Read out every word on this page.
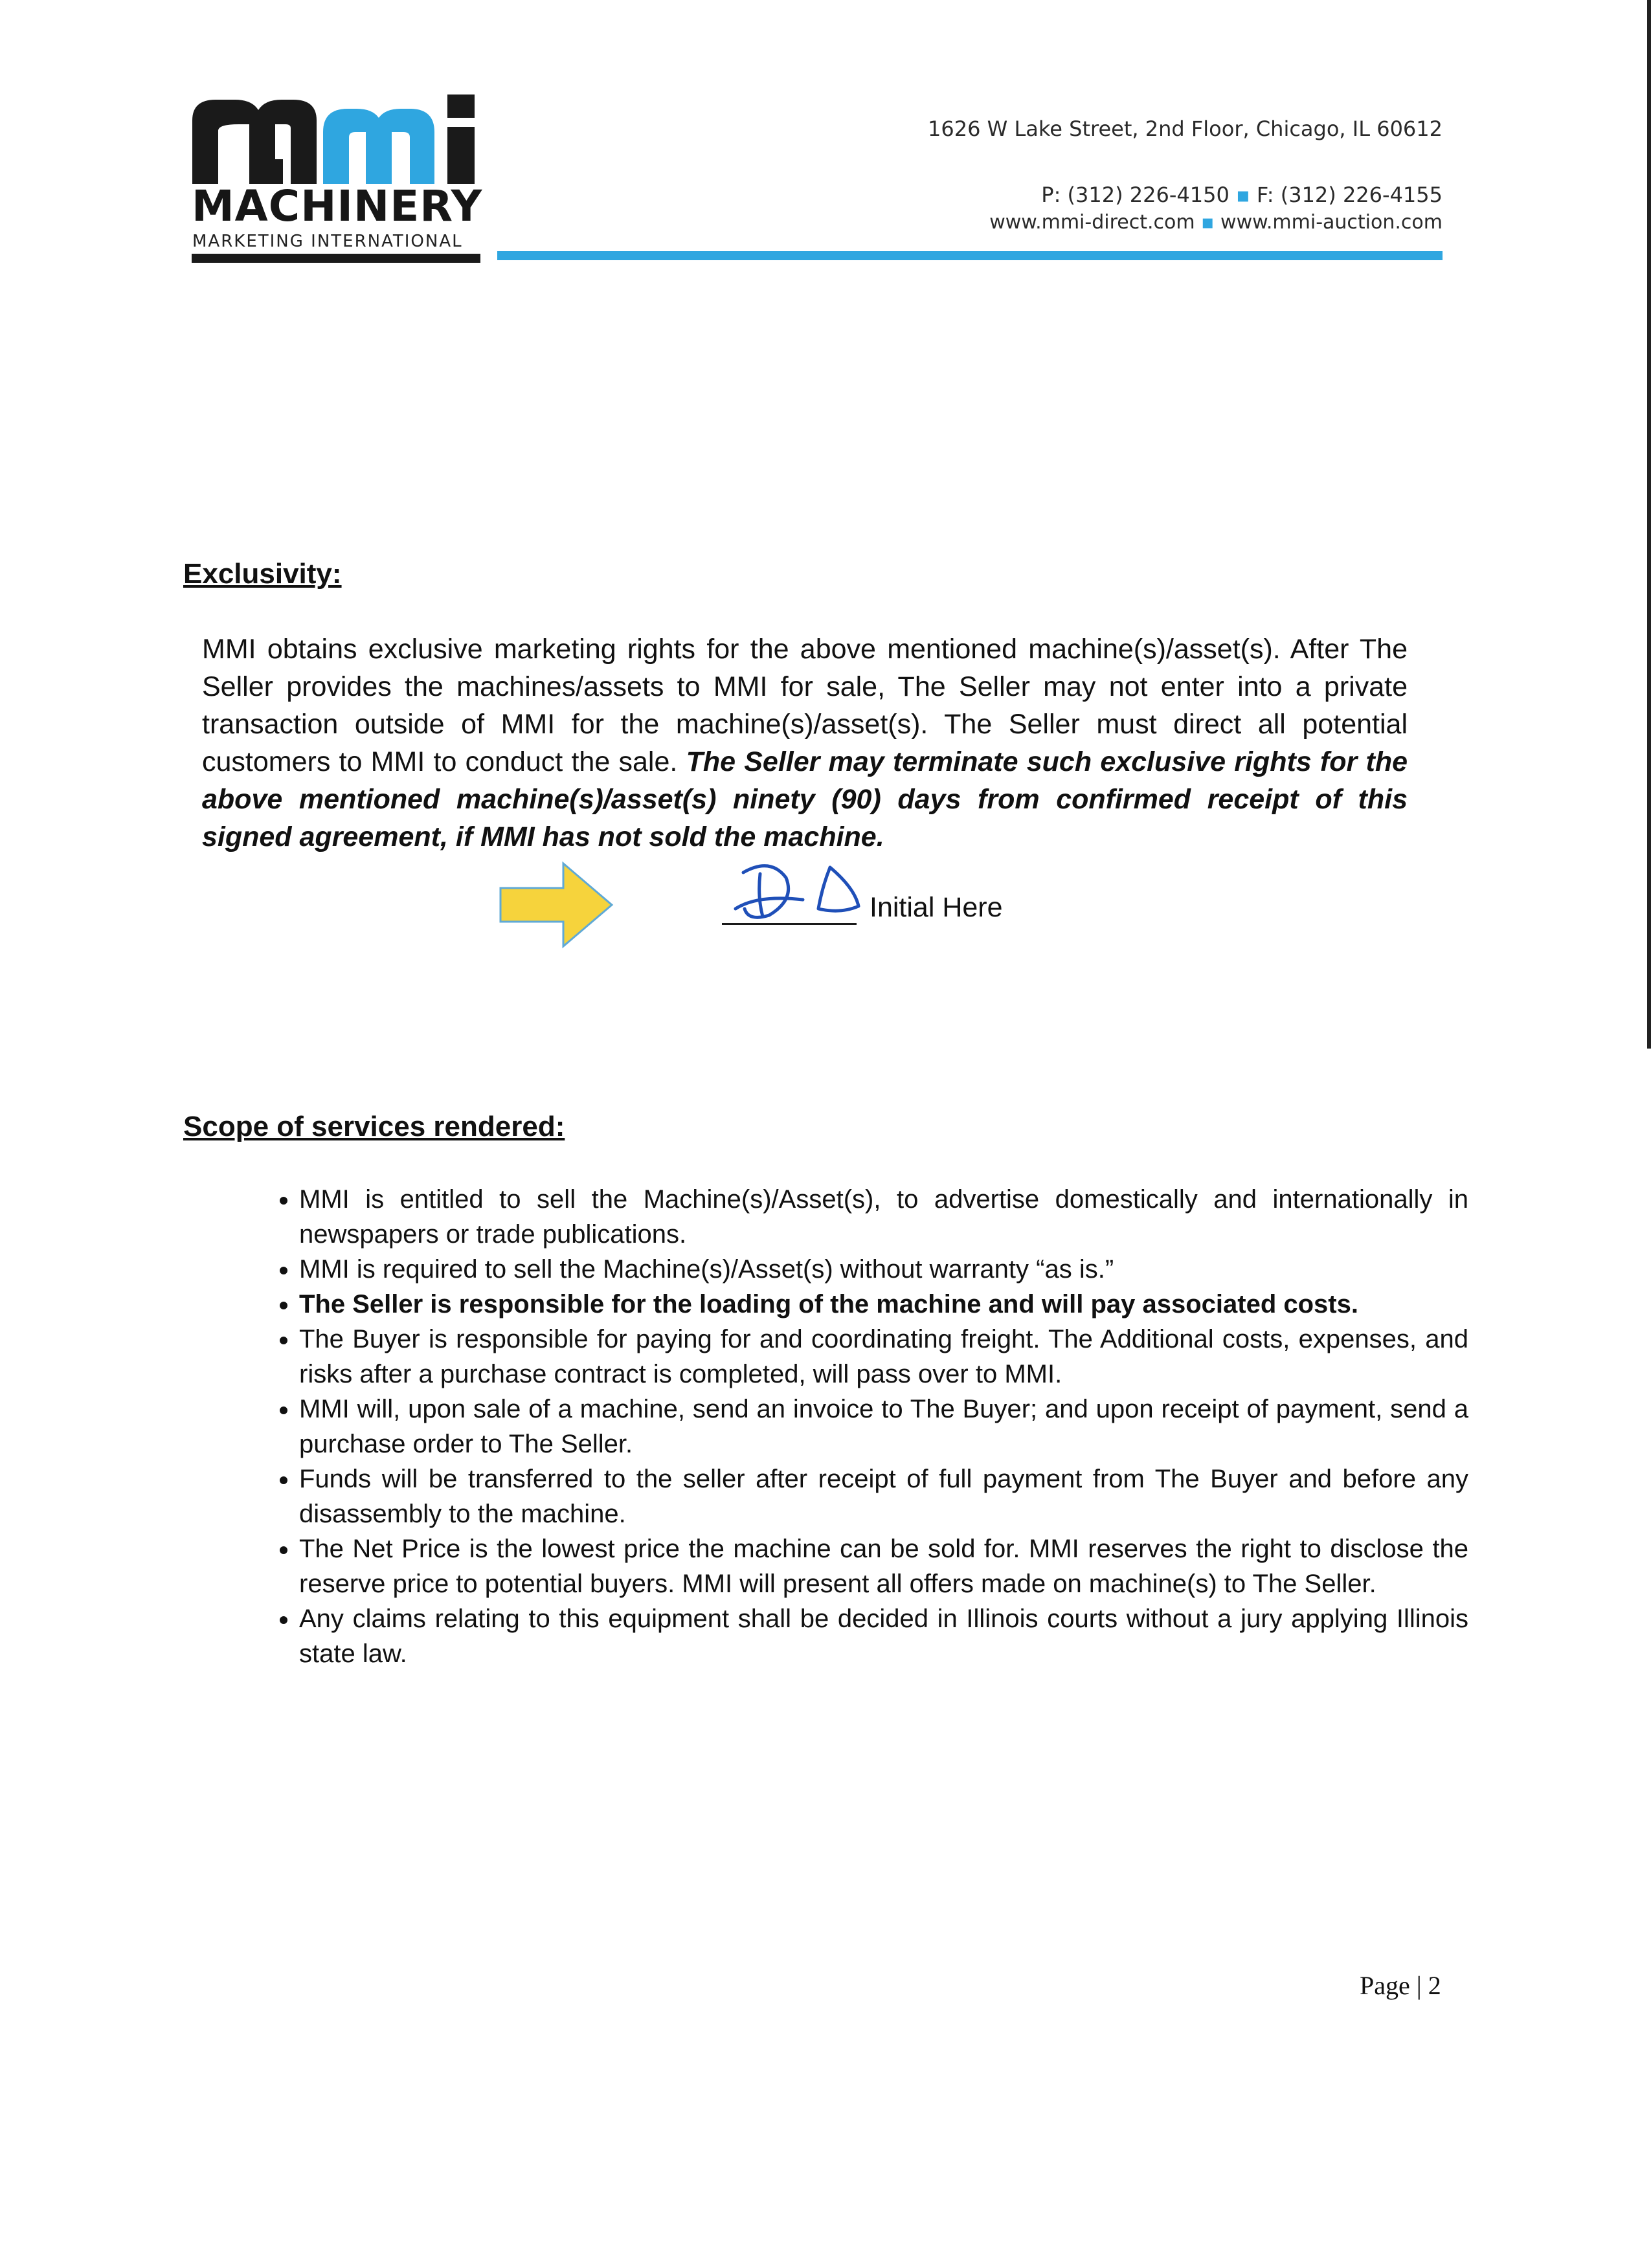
MACHINERY
MARKETING INTERNATIONAL
1626 W Lake Street, 2nd Floor, Chicago, IL 60612
P: (312) 226-4150 ▪ F: (312) 226-4155
www.mmi-direct.com ▪ www.mmi-auction.com
Exclusivity:
MMI obtains exclusive marketing rights for the above mentioned machine(s)/asset(s). After The Seller provides the machines/assets to MMI for sale, The Seller may not enter into a private transaction outside of MMI for the machine(s)/asset(s). The Seller must direct all potential customers to MMI to conduct the sale. The Seller may terminate such exclusive rights for the above mentioned machine(s)/asset(s) ninety (90) days from confirmed receipt of this signed agreement, if MMI has not sold the machine.
Initial Here
Scope of services rendered:
• MMI is entitled to sell the Machine(s)/Asset(s), to advertise domestically and internationally in newspapers or trade publications.
• MMI is required to sell the Machine(s)/Asset(s) without warranty “as is.”
• The Seller is responsible for the loading of the machine and will pay associated costs.
• The Buyer is responsible for paying for and coordinating freight. The Additional costs, expenses, and risks after a purchase contract is completed, will pass over to MMI.
• MMI will, upon sale of a machine, send an invoice to The Buyer; and upon receipt of payment, send a purchase order to The Seller.
• Funds will be transferred to the seller after receipt of full payment from The Buyer and before any disassembly to the machine.
• The Net Price is the lowest price the machine can be sold for. MMI reserves the right to disclose the reserve price to potential buyers. MMI will present all offers made on machine(s) to The Seller.
• Any claims relating to this equipment shall be decided in Illinois courts without a jury applying Illinois state law.
Page | 2
